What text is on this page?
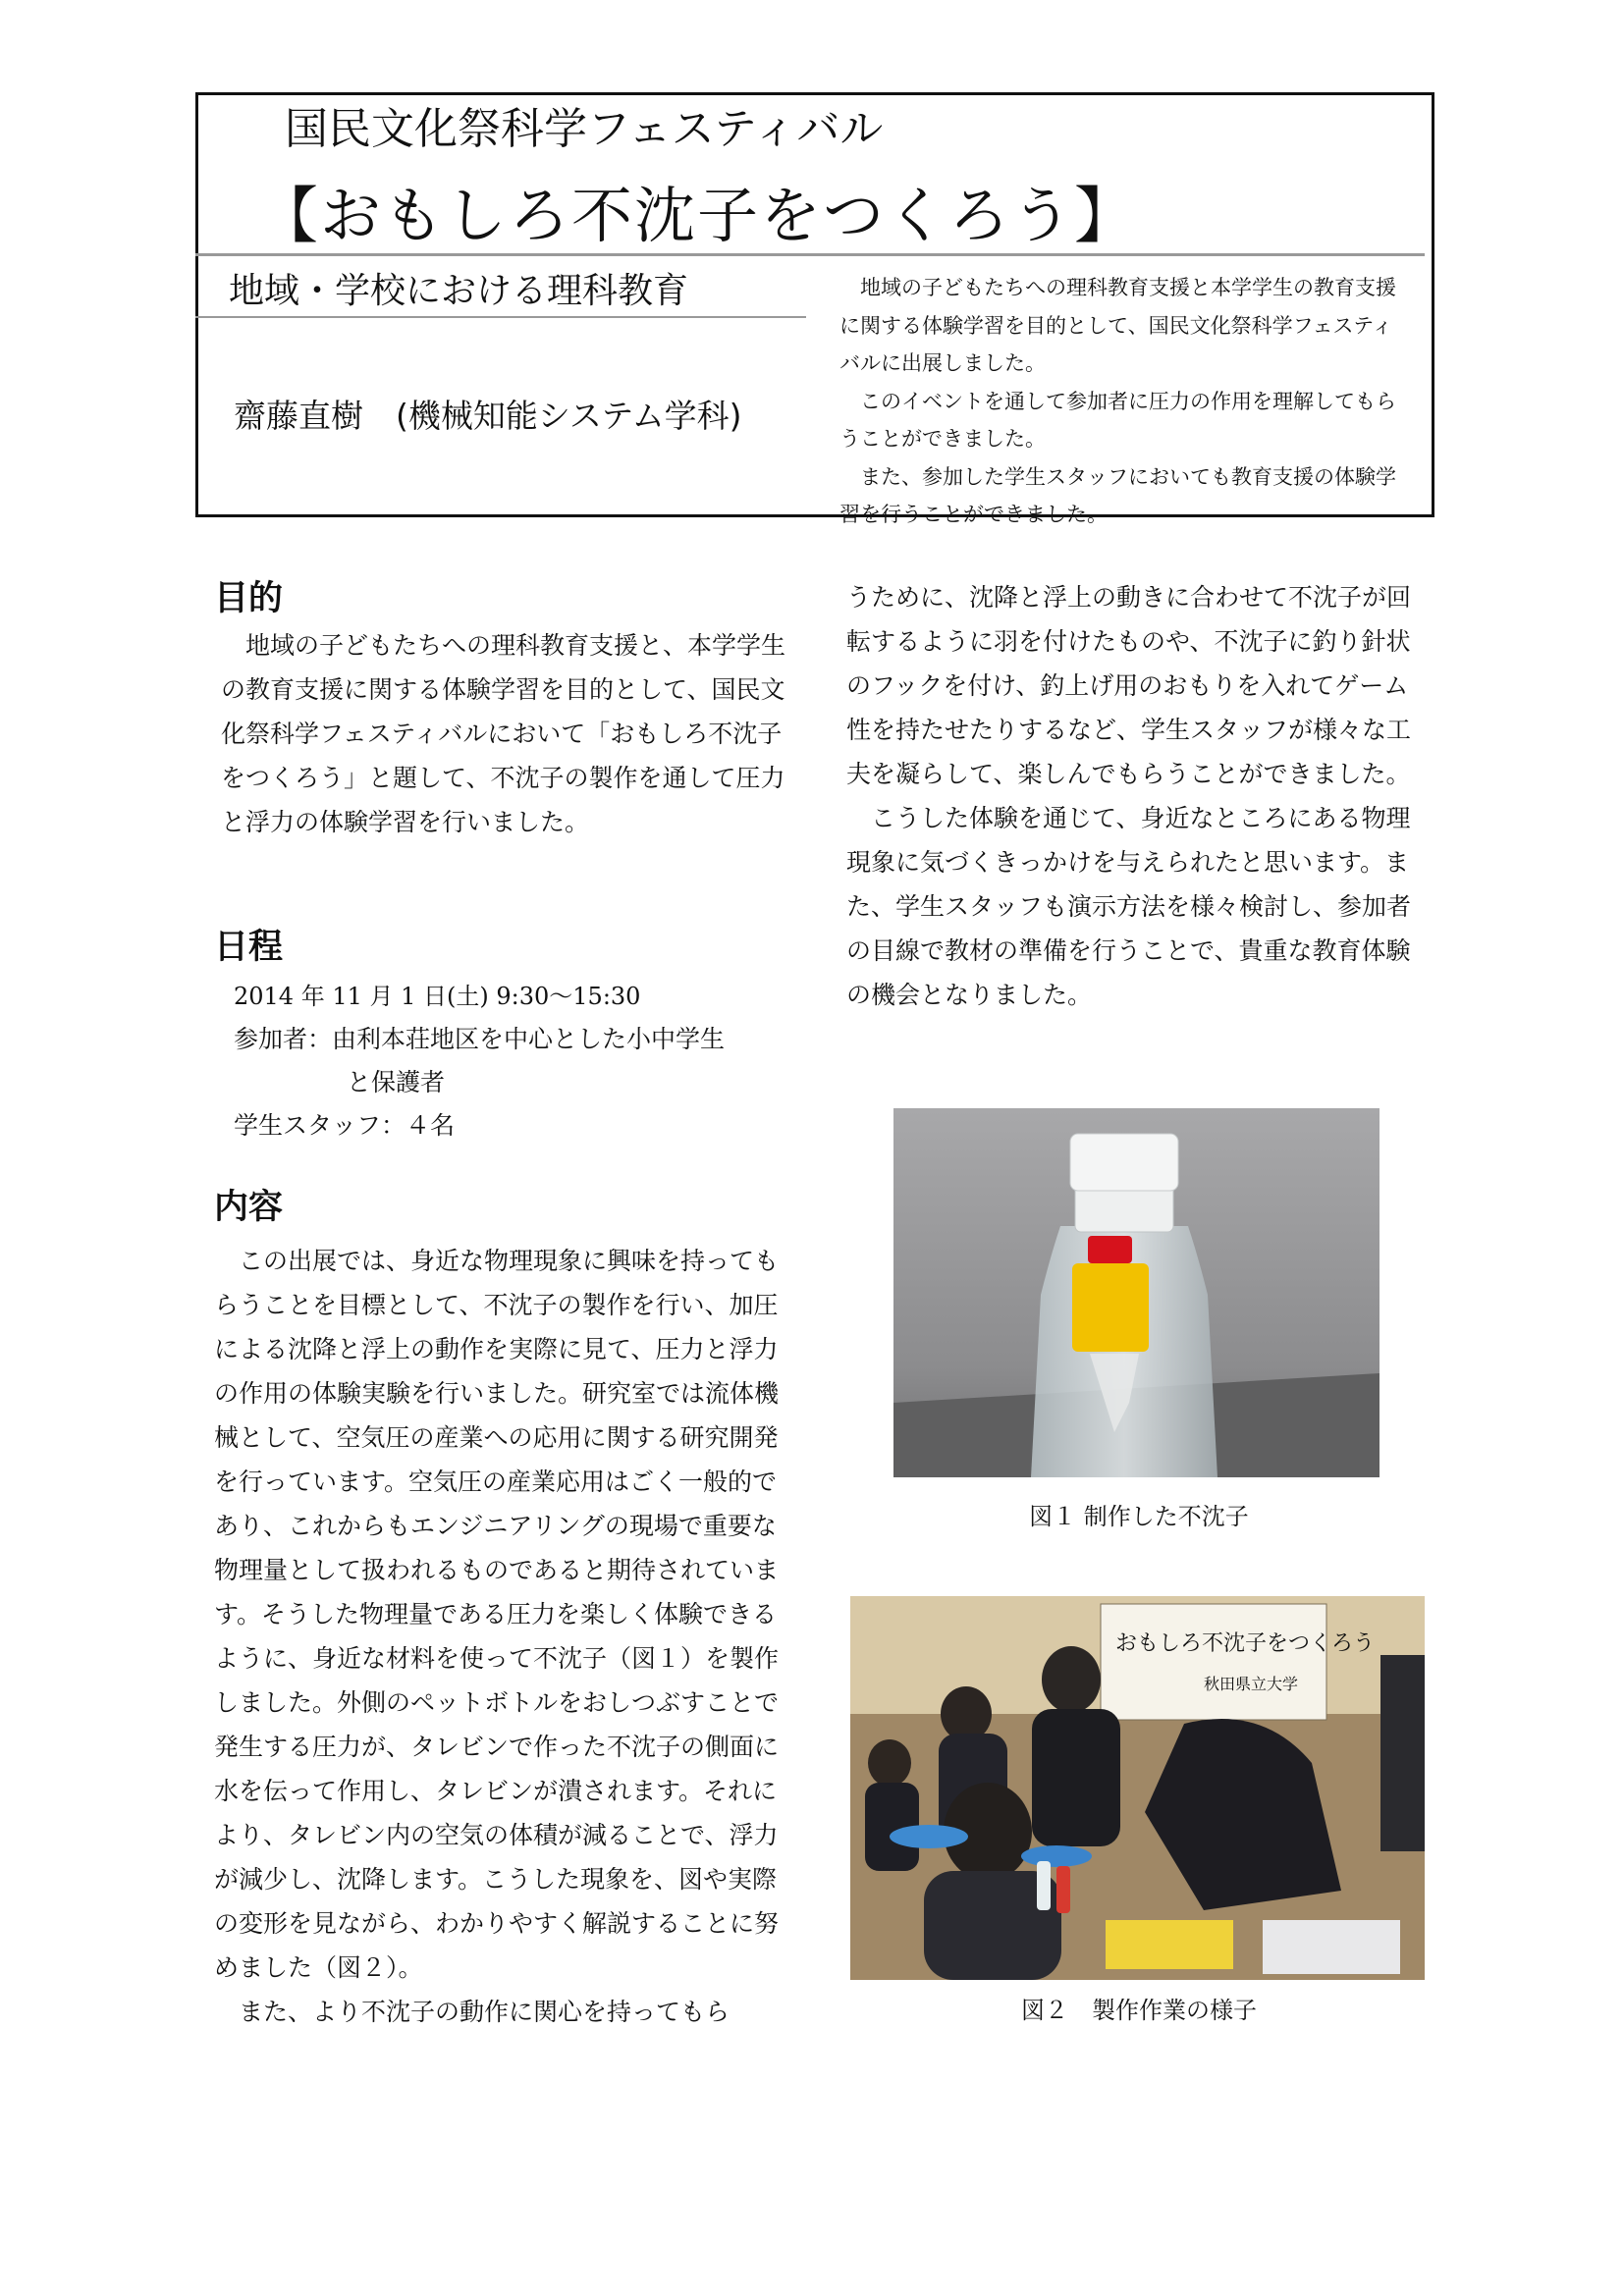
国民文化祭科学フェスティバル
【おもしろ不沈子をつくろう】
地域・学校における理科教育
齋藤直樹　(機械知能システム学科)

地域の子どもたちへの理科教育支援と本学学生の教育支援に関する体験学習を目的として、国民文化祭科学フェスティバルに出展しました。

このイベントを通して参加者に圧力の作用を理解してもらうことができました。

また、参加した学生スタッフにおいても教育支援の体験学習を行うことができました。

目的

地域の子どもたちへの理科教育支援と、本学学生の教育支援に関する体験学習を目的として、国民文化祭科学フェスティバルにおいて「おもしろ不沈子をつくろう」と題して、不沈子の製作を通して圧力と浮力の体験学習を行いました。

日程
2014 年 11 月 1 日(土) 9:30～15:30
参加者：由利本荘地区を中心とした小中学生
と保護者
学生スタッフ：４名
内容

この出展では、身近な物理現象に興味を持ってもらうことを目標として、不沈子の製作を行い、加圧による沈降と浮上の動作を実際に見て、圧力と浮力の作用の体験実験を行いました。研究室では流体機械として、空気圧の産業への応用に関する研究開発を行っています。空気圧の産業応用はごく一般的であり、これからもエンジニアリングの現場で重要な物理量として扱われるものであると期待されています。そうした物理量である圧力を楽しく体験できるように、身近な材料を使って不沈子（図１）を製作しました。外側のペットボトルをおしつぶすことで発生する圧力が、タレビンで作った不沈子の側面に水を伝って作用し、タレビンが潰されます。それにより、タレビン内の空気の体積が減ることで、浮力が減少し、沈降します。こうした現象を、図や実際の変形を見ながら、わかりやすく解説することに努めました（図２）。

また、より不沈子の動作に関心を持ってもら

うために、沈降と浮上の動きに合わせて不沈子が回転するように羽を付けたものや、不沈子に釣り針状のフックを付け、釣上げ用のおもりを入れてゲーム性を持たせたりするなど、学生スタッフが様々な工夫を凝らして、楽しんでもらうことができました。

こうした体験を通じて、身近なところにある物理現象に気づくきっかけを与えられたと思います。また、学生スタッフも演示方法を様々検討し、参加者の目線で教材の準備を行うことで、貴重な教育体験の機会となりました。

図１ 制作した不沈子
おもしろ不沈子をつくろう
秋田県立大学
図２　製作作業の様子
